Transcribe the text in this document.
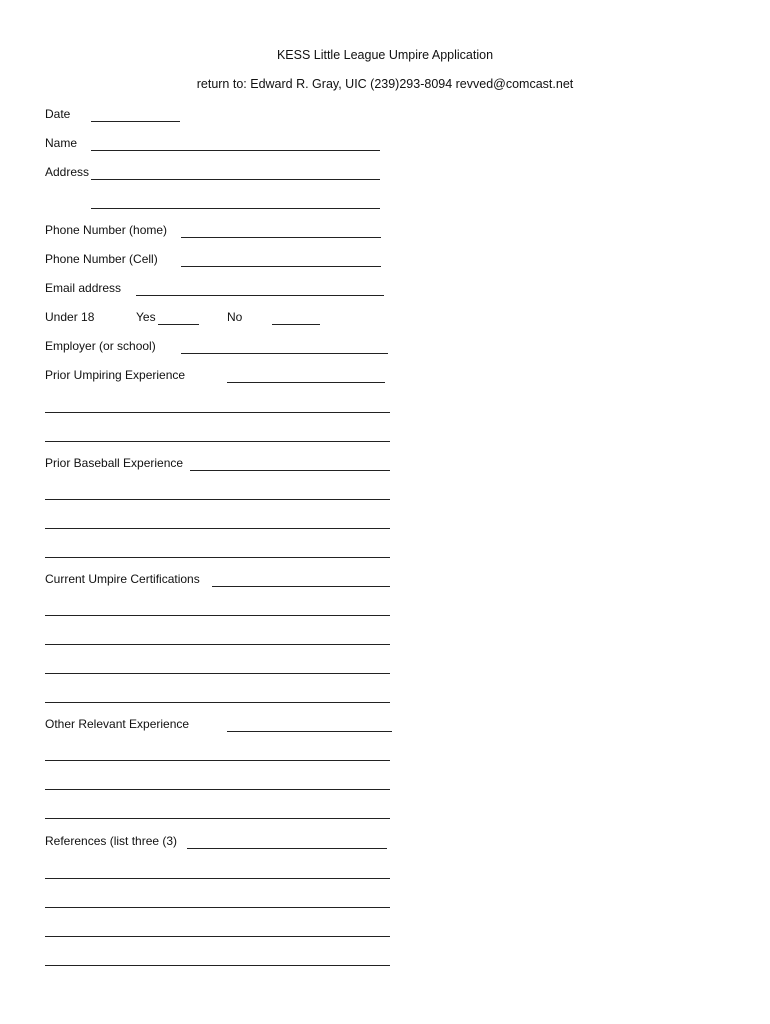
KESS Little League Umpire Application
return to: Edward R. Gray, UIC (239)293-8094 revved@comcast.net
Date
Name
Address
Phone Number (home)
Phone Number (Cell)
Email address
Under 18	Yes	No
Employer (or school)
Prior Umpiring Experience
Prior Baseball Experience
Current Umpire Certifications
Other Relevant Experience
References (list three (3)
